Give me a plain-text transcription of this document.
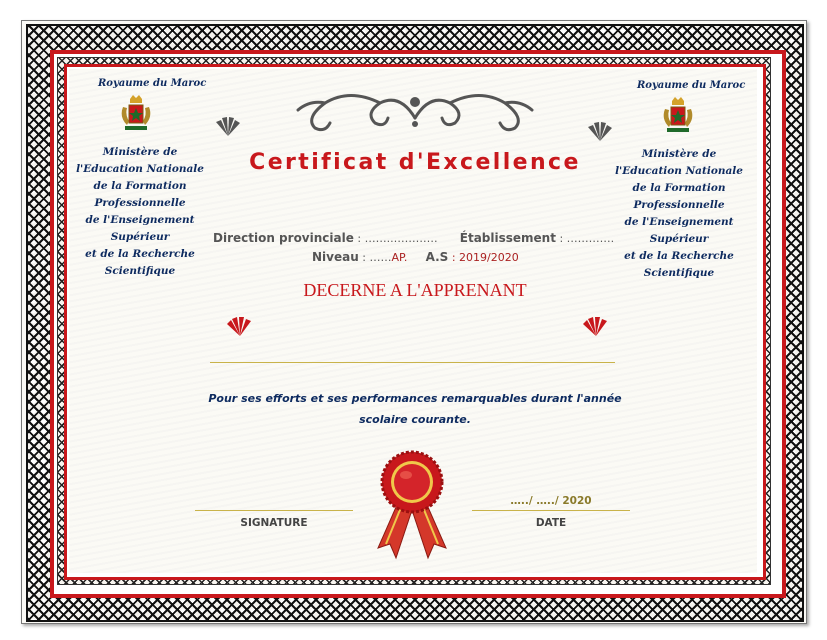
Royaume du Maroc
Ministère de l'Education Nationale
de la Formation Professionnelle
de l'Enseignement Supérieur
et de la Recherche Scientifique
Royaume du Maroc
Ministère de l'Education Nationale
de la Formation Professionnelle
de l'Enseignement Supérieur
et de la Recherche Scientifique
Certificat d'Excellence
Direction provinciale : ……..………… Établissement : ………….
Niveau : ……AP. A.S : 2019/2020
DECERNE A L'APPRENANT
Pour ses efforts et ses performances remarquables durant l'année
scolaire courante.
SIGNATURE
…../ …../ 2020
DATE
